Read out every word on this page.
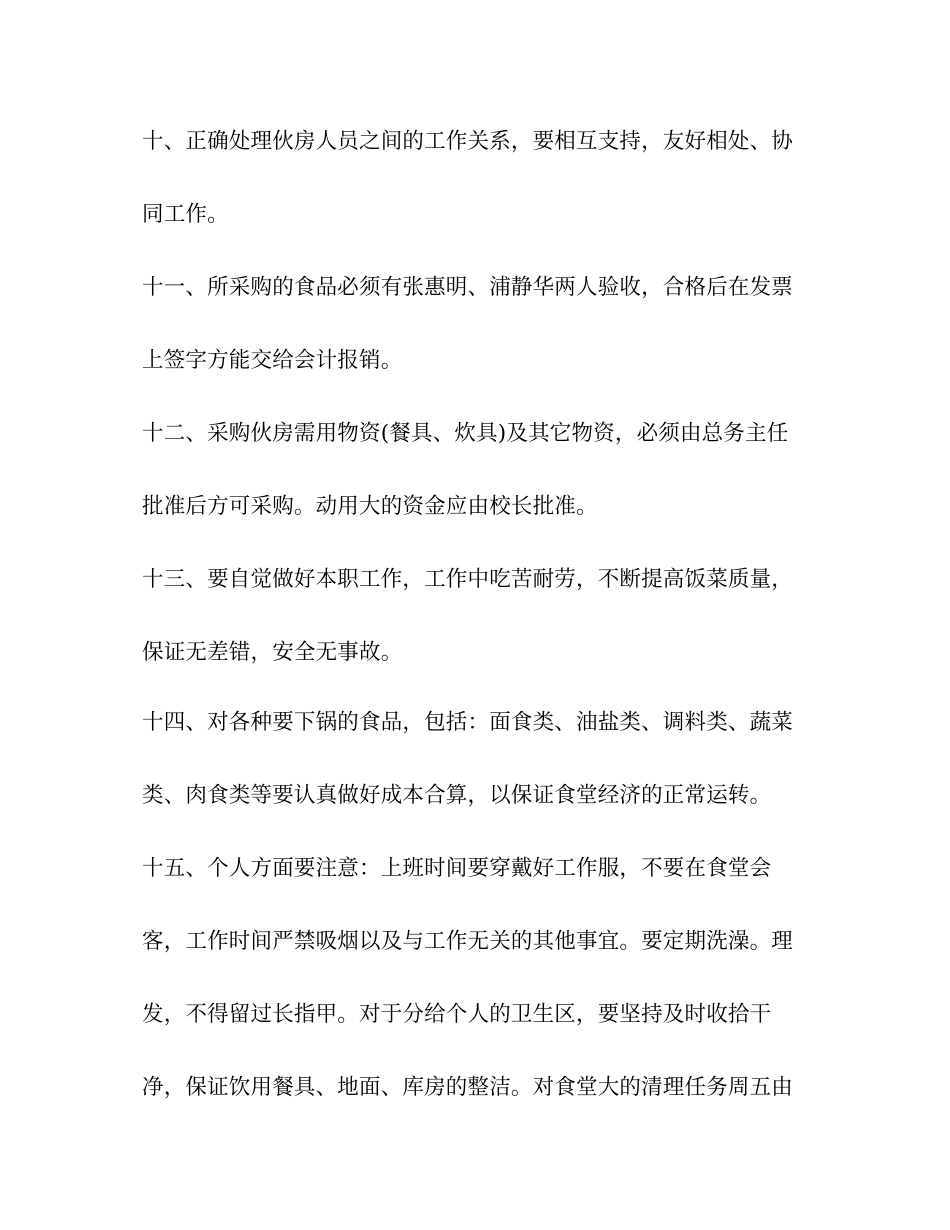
十、正确处理伙房人员之间的工作关系，要相互支持，友好相处、协
同工作。
十一、所采购的食品必须有张惠明、浦静华两人验收，合格后在发票
上签字方能交给会计报销。
十二、采购伙房需用物资(餐具、炊具)及其它物资，必须由总务主任
批准后方可采购。动用大的资金应由校长批准。
十三、要自觉做好本职工作，工作中吃苦耐劳，不断提高饭菜质量，
保证无差错，安全无事故。
十四、对各种要下锅的食品，包括：面食类、油盐类、调料类、蔬菜
类、肉食类等要认真做好成本合算，以保证食堂经济的正常运转。
十五、个人方面要注意：上班时间要穿戴好工作服，不要在食堂会
客，工作时间严禁吸烟以及与工作无关的其他事宜。要定期洗澡。理
发，不得留过长指甲。对于分给个人的卫生区，要坚持及时收拾干
净，保证饮用餐具、地面、库房的整洁。对食堂大的清理任务周五由
